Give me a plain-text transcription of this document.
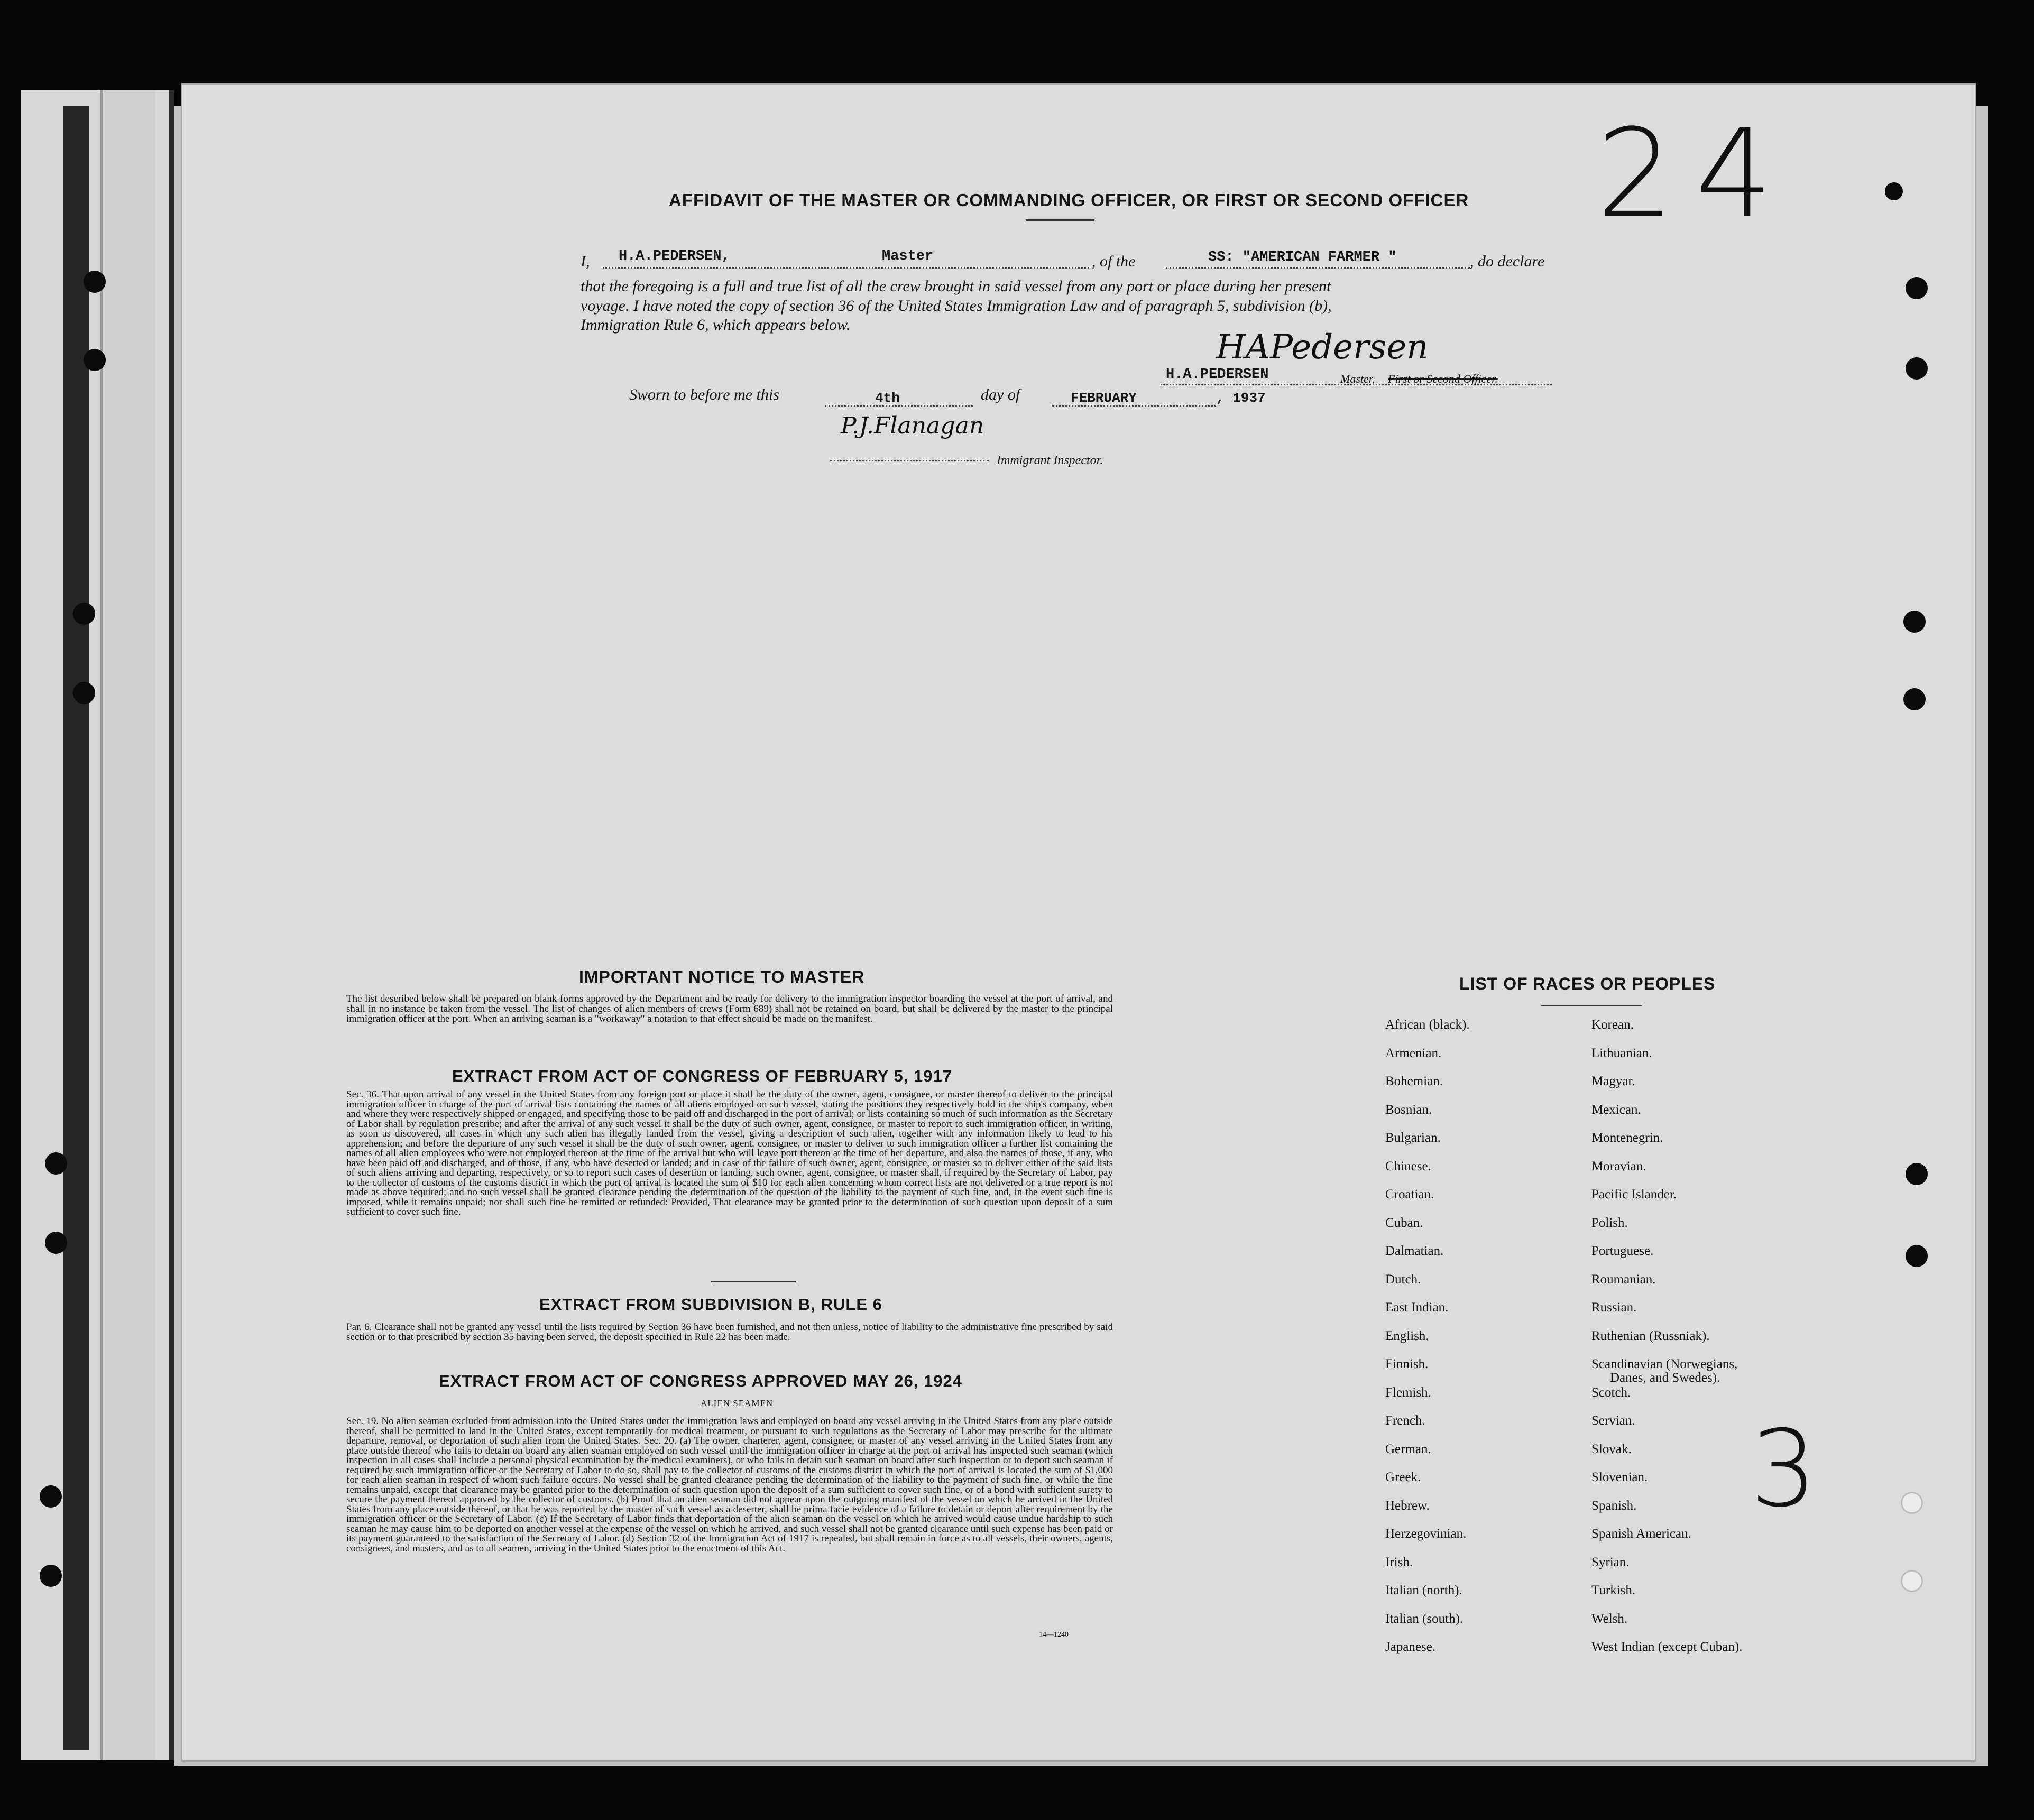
24
AFFIDAVIT OF THE MASTER OR COMMANDING OFFICER, OR FIRST OR SECOND OFFICER
I, H.A.PEDERSEN,	Master	, of the	SS: "AMERICAN FARMER "	, do declare
that the foregoing is a full and true list of all the crew brought in said vessel from any port or place during her present
voyage. I have noted the copy of section 36 of the United States Immigration Law and of paragraph 5, subdivision (b),
Immigration Rule 6, which appears below.
HAPedersen
H.A.PEDERSEN	Master, First or Second Officer.
Sworn to before me this	4th	day of	FEBRUARY	, 1937
P.J.Flanagan
Immigrant Inspector.
IMPORTANT NOTICE TO MASTER
The list described below shall be prepared on blank forms approved by the Department and be ready for delivery to the immigration inspector boarding the vessel at the port of arrival, and shall in no instance be taken from the vessel. The list of changes of alien members of crews (Form 689) shall not be retained on board, but shall be delivered by the master to the principal immigration officer at the port. When an arriving seaman is a "workaway" a notation to that effect should be made on the manifest.
EXTRACT FROM ACT OF CONGRESS OF FEBRUARY 5, 1917
Sec. 36. That upon arrival of any vessel in the United States from any foreign port or place it shall be the duty of the owner, agent, consignee, or master thereof to deliver to the principal immigration officer in charge of the port of arrival lists containing the names of all aliens employed on such vessel, stating the positions they respectively hold in the ship's company, when and where they were respectively shipped or engaged, and specifying those to be paid off and discharged in the port of arrival; or lists containing so much of such information as the Secretary of Labor shall by regulation prescribe; and after the arrival of any such vessel it shall be the duty of such owner, agent, consignee, or master to report to such immigration officer, in writing, as soon as discovered, all cases in which any such alien has illegally landed from the vessel, giving a description of such alien, together with any information likely to lead to his apprehension; and before the departure of any such vessel it shall be the duty of such owner, agent, consignee, or master to deliver to such immigration officer a further list containing the names of all alien employees who were not employed thereon at the time of the arrival but who will leave port thereon at the time of her departure, and also the names of those, if any, who have been paid off and discharged, and of those, if any, who have deserted or landed; and in case of the failure of such owner, agent, consignee, or master so to deliver either of the said lists of such aliens arriving and departing, respectively, or so to report such cases of desertion or landing, such owner, agent, consignee, or master shall, if required by the Secretary of Labor, pay to the collector of customs of the customs district in which the port of arrival is located the sum of $10 for each alien concerning whom correct lists are not delivered or a true report is not made as above required; and no such vessel shall be granted clearance pending the determination of the question of the liability to the payment of such fine, and, in the event such fine is imposed, while it remains unpaid; nor shall such fine be remitted or refunded: Provided, That clearance may be granted prior to the determination of such question upon deposit of a sum sufficient to cover such fine.
EXTRACT FROM SUBDIVISION B, RULE 6
Par. 6. Clearance shall not be granted any vessel until the lists required by Section 36 have been furnished, and not then unless, notice of liability to the administrative fine prescribed by said section or to that prescribed by section 35 having been served, the deposit specified in Rule 22 has been made.
EXTRACT FROM ACT OF CONGRESS APPROVED MAY 26, 1924
ALIEN SEAMEN
Sec. 19. No alien seaman excluded from admission into the United States under the immigration laws and employed on board any vessel arriving in the United States from any place outside thereof, shall be permitted to land in the United States, except temporarily for medical treatment, or pursuant to such regulations as the Secretary of Labor may prescribe for the ultimate departure, removal, or deportation of such alien from the United States. Sec. 20. (a) The owner, charterer, agent, consignee, or master of any vessel arriving in the United States from any place outside thereof who fails to detain on board any alien seaman employed on such vessel until the immigration officer in charge at the port of arrival has inspected such seaman (which inspection in all cases shall include a personal physical examination by the medical examiners), or who fails to detain such seaman on board after such inspection or to deport such seaman if required by such immigration officer or the Secretary of Labor to do so, shall pay to the collector of customs of the customs district in which the port of arrival is located the sum of $1,000 for each alien seaman in respect of whom such failure occurs. No vessel shall be granted clearance pending the determination of the liability to the payment of such fine, or while the fine remains unpaid, except that clearance may be granted prior to the determination of such question upon the deposit of a sum sufficient to cover such fine, or of a bond with sufficient surety to secure the payment thereof approved by the collector of customs. (b) Proof that an alien seaman did not appear upon the outgoing manifest of the vessel on which he arrived in the United States from any place outside thereof, or that he was reported by the master of such vessel as a deserter, shall be prima facie evidence of a failure to detain or deport after requirement by the immigration officer or the Secretary of Labor. (c) If the Secretary of Labor finds that deportation of the alien seaman on the vessel on which he arrived would cause undue hardship to such seaman he may cause him to be deported on another vessel at the expense of the vessel on which he arrived, and such vessel shall not be granted clearance until such expense has been paid or its payment guaranteed to the satisfaction of the Secretary of Labor. (d) Section 32 of the Immigration Act of 1917 is repealed, but shall remain in force as to all vessels, their owners, agents, consignees, and masters, and as to all seamen, arriving in the United States prior to the enactment of this Act.
14—1240
LIST OF RACES OR PEOPLES
African (black).
Armenian.
Bohemian.
Bosnian.
Bulgarian.
Chinese.
Croatian.
Cuban.
Dalmatian.
Dutch.
East Indian.
English.
Finnish.
Flemish.
French.
German.
Greek.
Hebrew.
Herzegovinian.
Irish.
Italian (north).
Italian (south).
Japanese.
Korean.
Lithuanian.
Magyar.
Mexican.
Montenegrin.
Moravian.
Pacific Islander.
Polish.
Portuguese.
Roumanian.
Russian.
Ruthenian (Russniak).
Scandinavian (Norwegians,
Danes, and Swedes).
Scotch.
Servian.
Slovak.
Slovenian.
Spanish.
Spanish American.
Syrian.
Turkish.
Welsh.
West Indian (except Cuban).
3
